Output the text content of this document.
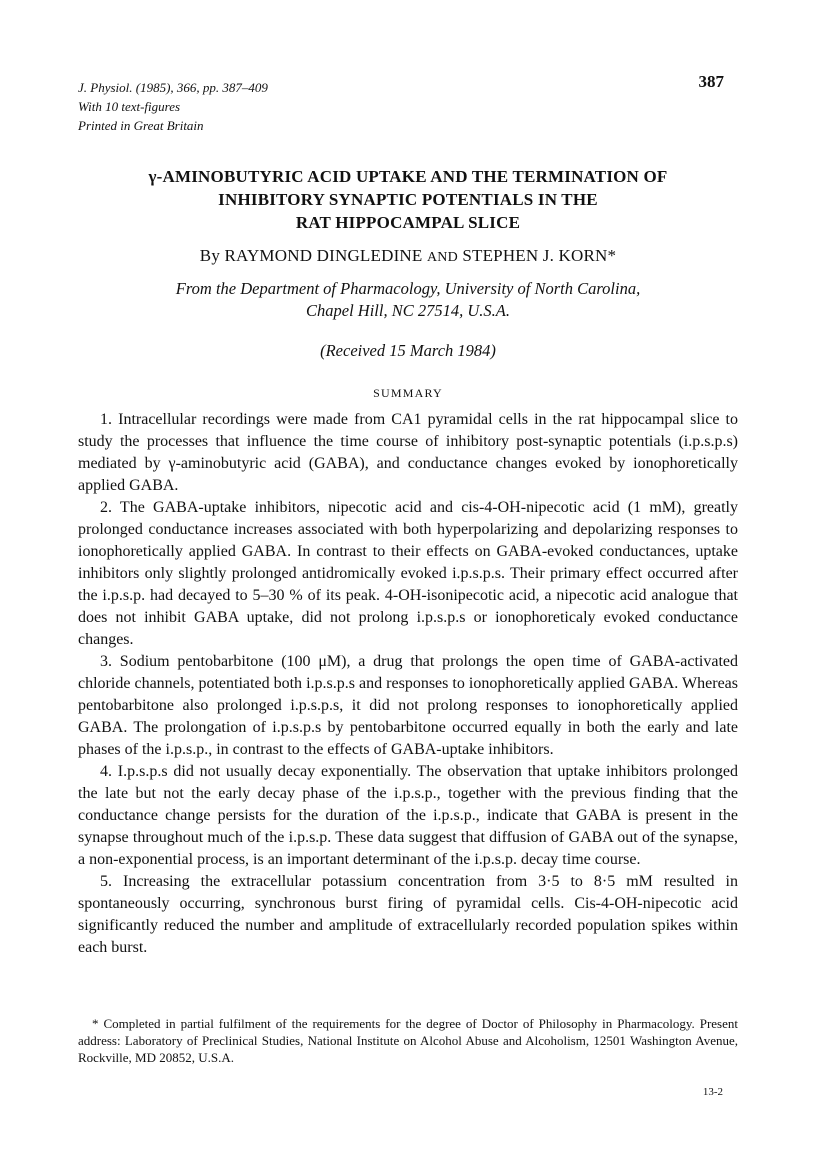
J. Physiol. (1985), 366, pp. 387–409
With 10 text-figures
Printed in Great Britain
387
γ-AMINOBUTYRIC ACID UPTAKE AND THE TERMINATION OF
INHIBITORY SYNAPTIC POTENTIALS IN THE
RAT HIPPOCAMPAL SLICE
By RAYMOND DINGLEDINE AND STEPHEN J. KORN*
From the Department of Pharmacology, University of North Carolina,
Chapel Hill, NC 27514, U.S.A.
(Received 15 March 1984)
SUMMARY

1. Intracellular recordings were made from CA1 pyramidal cells in the rat hippocampal slice to study the processes that influence the time course of inhibitory post-synaptic potentials (i.p.s.p.s) mediated by γ-aminobutyric acid (GABA), and conductance changes evoked by ionophoretically applied GABA.

2. The GABA-uptake inhibitors, nipecotic acid and cis-4-OH-nipecotic acid (1 mM), greatly prolonged conductance increases associated with both hyperpolarizing and depolarizing responses to ionophoretically applied GABA. In contrast to their effects on GABA-evoked conductances, uptake inhibitors only slightly prolonged antidromically evoked i.p.s.p.s. Their primary effect occurred after the i.p.s.p. had decayed to 5–30 % of its peak. 4-OH-isonipecotic acid, a nipecotic acid analogue that does not inhibit GABA uptake, did not prolong i.p.s.p.s or ionophoreticaly evoked conductance changes.

3. Sodium pentobarbitone (100 μM), a drug that prolongs the open time of GABA-activated chloride channels, potentiated both i.p.s.p.s and responses to ionophoretically applied GABA. Whereas pentobarbitone also prolonged i.p.s.p.s, it did not prolong responses to ionophoretically applied GABA. The prolongation of i.p.s.p.s by pentobarbitone occurred equally in both the early and late phases of the i.p.s.p., in contrast to the effects of GABA-uptake inhibitors.

4. I.p.s.p.s did not usually decay exponentially. The observation that uptake inhibitors prolonged the late but not the early decay phase of the i.p.s.p., together with the previous finding that the conductance change persists for the duration of the i.p.s.p., indicate that GABA is present in the synapse throughout much of the i.p.s.p. These data suggest that diffusion of GABA out of the synapse, a non-exponential process, is an important determinant of the i.p.s.p. decay time course.

5. Increasing the extracellular potassium concentration from 3·5 to 8·5 mM resulted in spontaneously occurring, synchronous burst firing of pyramidal cells. Cis-4-OH-nipecotic acid significantly reduced the number and amplitude of extracellularly recorded population spikes within each burst.

* Completed in partial fulfilment of the requirements for the degree of Doctor of Philosophy in Pharmacology. Present address: Laboratory of Preclinical Studies, National Institute on Alcohol Abuse and Alcoholism, 12501 Washington Avenue, Rockville, MD 20852, U.S.A.

13-2
